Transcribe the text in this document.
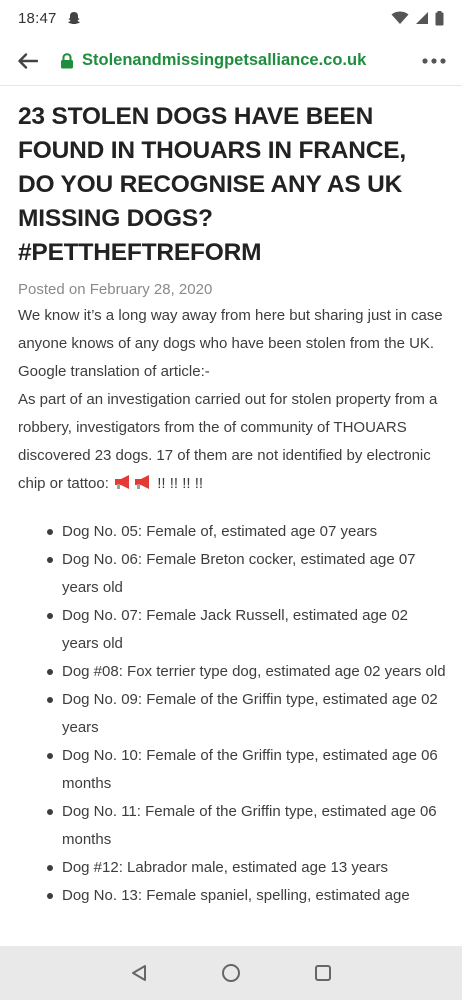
18:47
Stolenandmissingpetsalliance.co.uk
23 STOLEN DOGS HAVE BEEN FOUND IN THOUARS IN FRANCE, DO YOU RECOGNISE ANY AS UK MISSING DOGS? #PETTHEFTREFORM
Posted on February 28, 2020

We know it’s a long way away from here but sharing just in case anyone knows of any dogs who have been stolen from the UK.

Google translation of article:-

As part of an investigation carried out for stolen property from a robbery, investigators from the of community of THOUARS discovered 23 dogs. 17 of them are not identified by electronic chip or tattoo:	!! !! !! !!

Dog No. 05: Female of, estimated age 07 years
Dog No. 06: Female Breton cocker, estimated age 07 years old
Dog No. 07: Female Jack Russell, estimated age 02 years old
Dog #08: Fox terrier type dog, estimated age 02 years old
Dog No. 09: Female of the Griffin type, estimated age 02 years
Dog No. 10: Female of the Griffin type, estimated age 06 months
Dog No. 11: Female of the Griffin type, estimated age 06 months
Dog #12: Labrador male, estimated age 13 years
Dog No. 13: Female spaniel, spelling, estimated age
